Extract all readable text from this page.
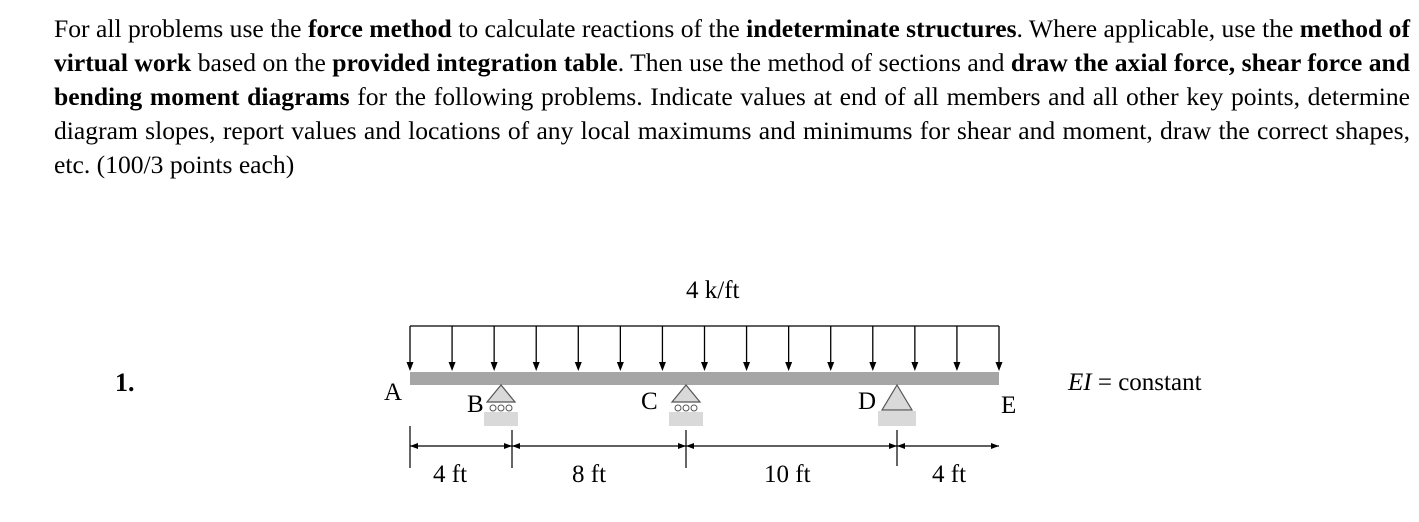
For all problems use the force method to calculate reactions of the indeterminate structures. Where applicable, use the method of virtual work based on the provided integration table. Then use the method of sections and draw the axial force, shear force and bending moment diagrams for the following problems. Indicate values at end of all members and all other key points, determine diagram slopes, report values and locations of any local maximums and minimums for shear and moment, draw the correct shapes, etc. (100/3 points each)

1.	EI = constant
4 k/ft
A	B	C	D	E
4 ft	8 ft	10 ft	4 ft
